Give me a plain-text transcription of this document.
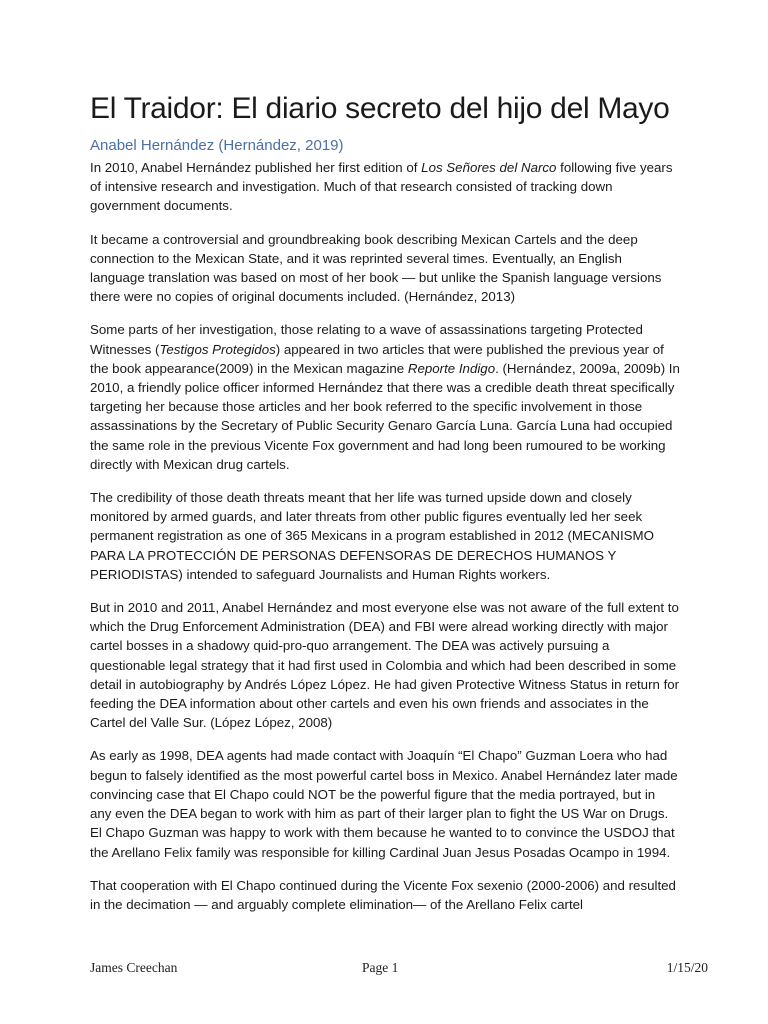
El Traidor: El diario secreto del hijo del Mayo
Anabel Hernández (Hernández, 2019)

In 2010, Anabel Hernández published her first edition of Los Señores del Narco following five years of intensive research and investigation. Much of that research consisted of tracking down government documents.

It became a controversial and groundbreaking book describing Mexican Cartels and the deep connection to the Mexican State, and it was reprinted several times. Eventually, an English language translation was based on most of her book — but unlike the Spanish language versions there were no copies of original documents included. (Hernández, 2013)

Some parts of her investigation, those relating to a wave of assassinations targeting Protected Witnesses (Testigos Protegidos) appeared in two articles that were published the previous year of the book appearance(2009) in the Mexican magazine Reporte Indigo. (Hernández, 2009a, 2009b) In 2010, a friendly police officer informed Hernández that there was a credible death threat specifically targeting her because those articles and her book referred to the specific involvement in those assassinations by the Secretary of Public Security Genaro García Luna. García Luna had occupied the same role in the previous Vicente Fox government and had long been rumoured to be working directly with Mexican drug cartels.

The credibility of those death threats meant that her life was turned upside down and closely monitored by armed guards, and later threats from other public figures eventually led her seek permanent registration as one of 365 Mexicans in a program established in 2012 (MECANISMO PARA LA PROTECCIÓN DE PERSONAS DEFENSORAS DE DERECHOS HUMANOS Y PERIODISTAS) intended to safeguard Journalists and Human Rights workers.

But in 2010 and 2011, Anabel Hernández and most everyone else was not aware of the full extent to which the Drug Enforcement Administration (DEA) and FBI were alread working directly with major cartel bosses in a shadowy quid-pro-quo arrangement. The DEA was actively pursuing a questionable legal strategy that it had first used in Colombia and which had been described in some detail in autobiography by Andrés López López. He had given Protective Witness Status in return for feeding the DEA information about other cartels and even his own friends and associates in the Cartel del Valle Sur. (López López, 2008)

As early as 1998, DEA agents had made contact with Joaquín “El Chapo” Guzman Loera who had begun to falsely identified as the most powerful cartel boss in Mexico. Anabel Hernández later made convincing case that El Chapo could NOT be the powerful figure that the media portrayed, but in any even the DEA began to work with him as part of their larger plan to fight the US War on Drugs. El Chapo Guzman was happy to work with them because he wanted to to convince the USDOJ that the Arellano Felix family was responsible for killing Cardinal Juan Jesus Posadas Ocampo in 1994.

That cooperation with El Chapo continued during the Vicente Fox sexenio (2000-2006) and resulted in the decimation — and arguably complete elimination— of the Arellano Felix cartel

James Creechan	Page 1	1/15/20
